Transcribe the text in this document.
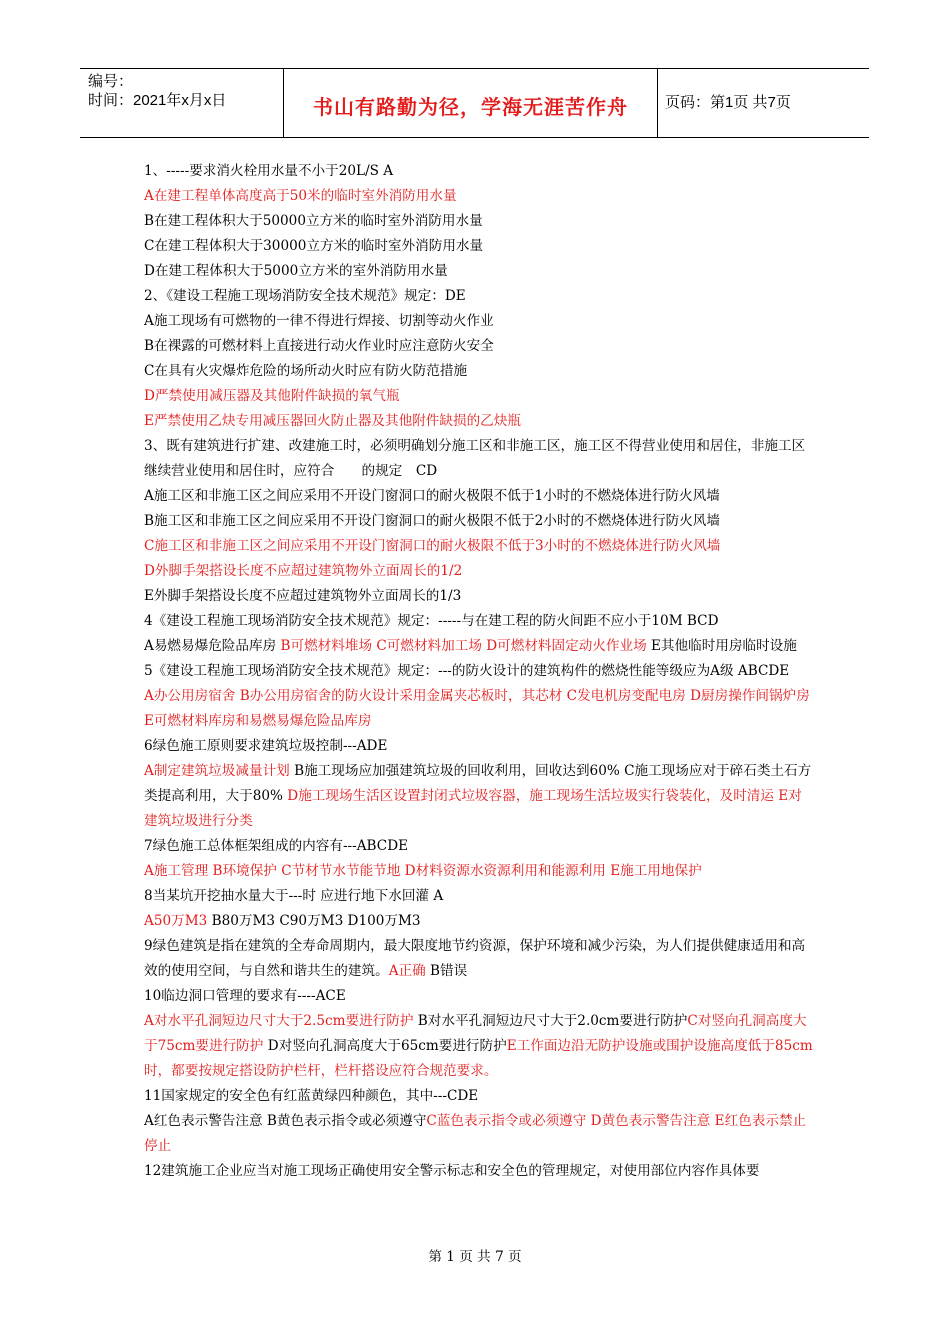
编号：
时间：2021年x月x日	书山有路勤为径，学海无涯苦作舟	页码：第1页 共7页

1、-----要求消火栓用水量不小于20L/S A

A在建工程单体高度高于50米的临时室外消防用水量

B在建工程体积大于50000立方米的临时室外消防用水量

C在建工程体积大于30000立方米的临时室外消防用水量

D在建工程体积大于5000立方米的室外消防用水量

2、《建设工程施工现场消防安全技术规范》规定：DE

A施工现场有可燃物的一律不得进行焊接、切割等动火作业

B在裸露的可燃材料上直接进行动火作业时应注意防火安全

C在具有火灾爆炸危险的场所动火时应有防火防范措施

D严禁使用减压器及其他附件缺损的氧气瓶

E严禁使用乙炔专用减压器回火防止器及其他附件缺损的乙炔瓶

3、既有建筑进行扩建、改建施工时，必须明确划分施工区和非施工区，施工区不得营业使用和居住，非施工区继续营业使用和居住时，应符合　　的规定　CD

A施工区和非施工区之间应采用不开设门窗洞口的耐火极限不低于1小时的不燃烧体进行防火风墙

B施工区和非施工区之间应采用不开设门窗洞口的耐火极限不低于2小时的不燃烧体进行防火风墙

C施工区和非施工区之间应采用不开设门窗洞口的耐火极限不低于3小时的不燃烧体进行防火风墙

D外脚手架搭设长度不应超过建筑物外立面周长的1/2

E外脚手架搭设长度不应超过建筑物外立面周长的1/3

4《建设工程施工现场消防安全技术规范》规定：-----与在建工程的防火间距不应小于10M BCD

A易燃易爆危险品库房 B可燃材料堆场 C可燃材料加工场 D可燃材料固定动火作业场 E其他临时用房临时设施

5《建设工程施工现场消防安全技术规范》规定：---的防火设计的建筑构件的燃烧性能等级应为A级 ABCDE

A办公用房宿舍 B办公用房宿舍的防火设计采用金属夹芯板时，其芯材 C发电机房变配电房 D厨房操作间锅炉房 E可燃材料库房和易燃易爆危险品库房

6绿色施工原则要求建筑垃圾控制---ADE

A制定建筑垃圾减量计划 B施工现场应加强建筑垃圾的回收利用，回收达到60% C施工现场应对于碎石类土石方类提高利用，大于80% D施工现场生活区设置封闭式垃圾容器，施工现场生活垃圾实行袋装化，及时清运 E对建筑垃圾进行分类

7绿色施工总体框架组成的内容有---ABCDE

A施工管理 B环境保护 C节材节水节能节地 D材料资源水资源利用和能源利用 E施工用地保护

8当某坑开挖抽水量大于---时 应进行地下水回灌 A

A50万M3 B80万M3 C90万M3 D100万M3

9绿色建筑是指在建筑的全寿命周期内，最大限度地节约资源，保护环境和减少污染，为人们提供健康适用和高效的使用空间，与自然和谐共生的建筑。A正确 B错误

10临边洞口管理的要求有----ACE

A对水平孔洞短边尺寸大于2.5cm要进行防护 B对水平孔洞短边尺寸大于2.0cm要进行防护C对竖向孔洞高度大于75cm要进行防护 D对竖向孔洞高度大于65cm要进行防护E工作面边沿无防护设施或围护设施高度低于85cm时，都要按规定搭设防护栏杆，栏杆搭设应符合规范要求。

11国家规定的安全色有红蓝黄绿四种颜色，其中---CDE

A红色表示警告注意 B黄色表示指令或必须遵守C蓝色表示指令或必须遵守 D黄色表示警告注意 E红色表示禁止停止

12建筑施工企业应当对施工现场正确使用安全警示标志和安全色的管理规定，对使用部位内容作具体要

第 1 页 共 7 页
